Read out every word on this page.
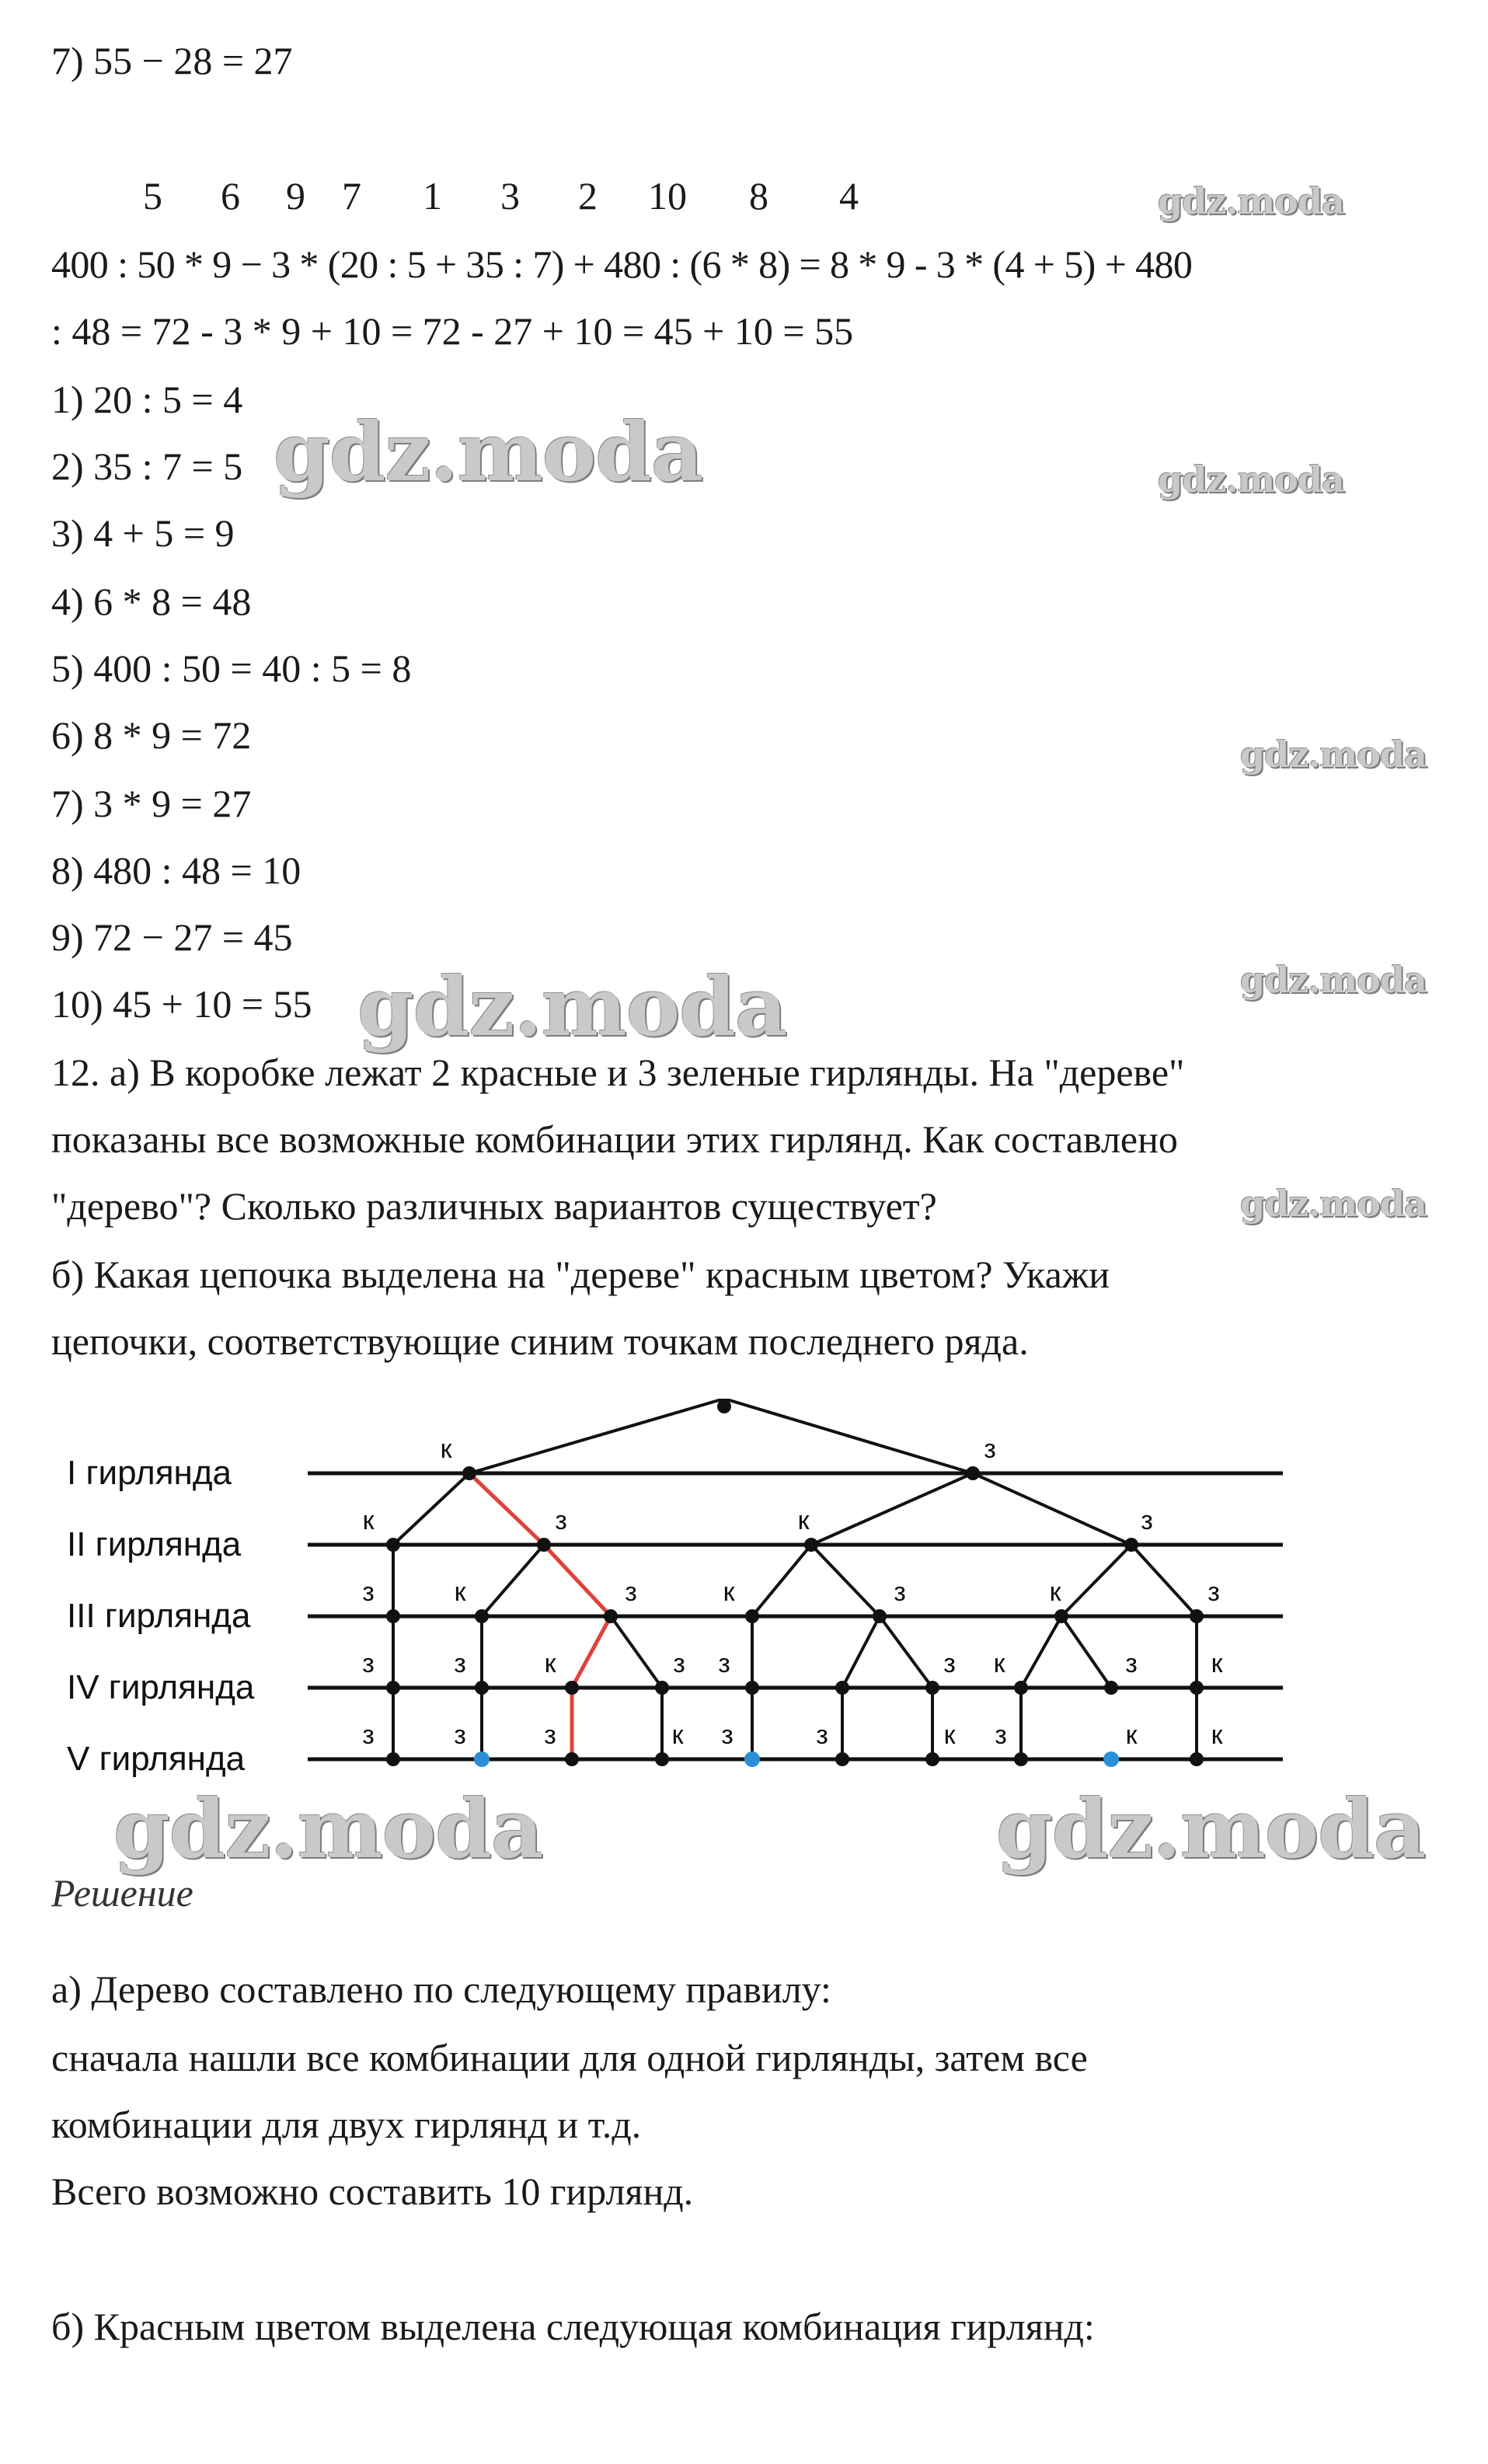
7) 55 − 28 = 27
5 6 9 7 1 3 2 10 8 4
400 : 50 * 9 − 3 * (20 : 5 + 35 : 7) + 480 : (6 * 8) = 8 * 9 - 3 * (4 + 5) + 480
: 48 = 72 - 3 * 9 + 10 = 72 - 27 + 10 = 45 + 10 = 55
1) 20 : 5 = 4
2) 35 : 7 = 5
3) 4 + 5 = 9
4) 6 * 8 = 48
5) 400 : 50 = 40 : 5 = 8
6) 8 * 9 = 72
7) 3 * 9 = 27
8) 480 : 48 = 10
9) 72 − 27 = 45
10) 45 + 10 = 55
12. а) В коробке лежат 2 красные и 3 зеленые гирлянды. На "дереве"
показаны все возможные комбинации этих гирлянд. Как составлено
"дерево"? Сколько различных вариантов существует?
б) Какая цепочка выделена на "дереве" красным цветом? Укажи
цепочки, соответствующие синим точкам последнего ряда.
I гирлянда
II гирлянда
III гирлянда
IV гирлянда
V гирлянда
к	з
к	з	к	з
з	к	з	к	з	к	з
з	з	к	з з	з к	з	к
з	з	з	к з	з	к з	к	к
Решение
а) Дерево составлено по следующему правилу:
сначала нашли все комбинации для одной гирлянды, затем все
комбинации для двух гирлянд и т.д.
Всего возможно составить 10 гирлянд.
б) Красным цветом выделена следующая комбинация гирлянд:
gdz.moda
gdz.moda
gdz.moda
gdz.moda
gdz.moda
gdz.moda
gdz.moda
gdz.moda	gdz.moda
